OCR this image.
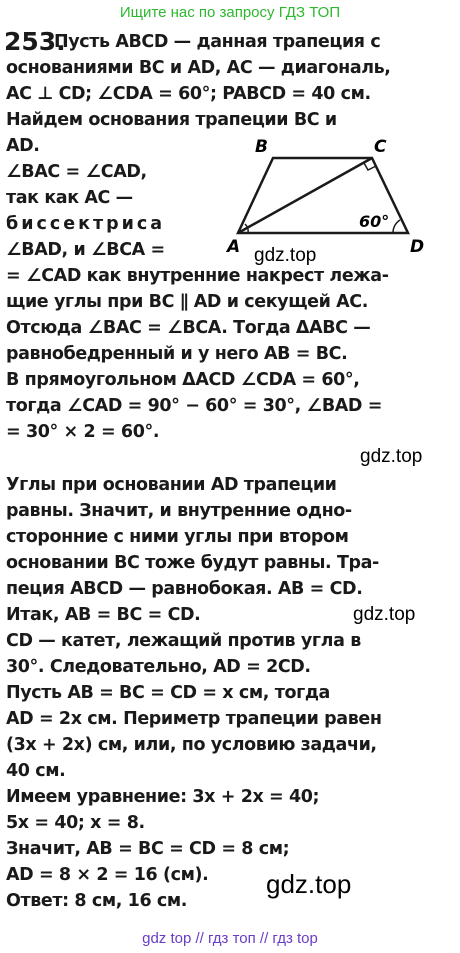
Ищите нас по запросу ГДЗ ТОП
253.
Пусть ABCD — данная трапеция с
основаниями BC и AD, AC — диагональ,
AC ⊥ CD; ∠CDA = 60°; PABCD = 40 см.
Найдем основания трапеции BC и
AD.
∠BAC = ∠CAD,
так как AC —
биссектриса
∠BAD, и ∠BCA =
= ∠CAD как внутренние накрест лежа-
щие углы при BC ∥ AD и секущей AC.
Отсюда ∠BAC = ∠BCA. Тогда ΔABC —
равнобедренный и у него AB = BC.
В прямоугольном ΔACD ∠CDA = 60°,
тогда ∠CAD = 90° − 60° = 30°, ∠BAD =
= 30° × 2 = 60°.
Углы при основании AD трапеции
равны. Значит, и внутренние одно-
сторонние с ними углы при втором
основании BC тоже будут равны. Тра-
пеция ABCD — равнобокая. AB = CD.
Итак, AB = BC = CD.
CD — катет, лежащий против угла в
30°. Следовательно, AD = 2CD.
Пусть AB = BC = CD = x см, тогда
AD = 2x см. Периметр трапеции равен
(3x + 2x) см, или, по условию задачи,
40 см.
Имеем уравнение: 3x + 2x = 40;
5x = 40; x = 8.
Значит, AB = BC = CD = 8 см;
AD = 8 × 2 = 16 (см).
Ответ: 8 см, 16 см.
B	C
A	D
60°
gdz.top
gdz.top
gdz.top
gdz.top
gdz top // гдз топ // гдз top
